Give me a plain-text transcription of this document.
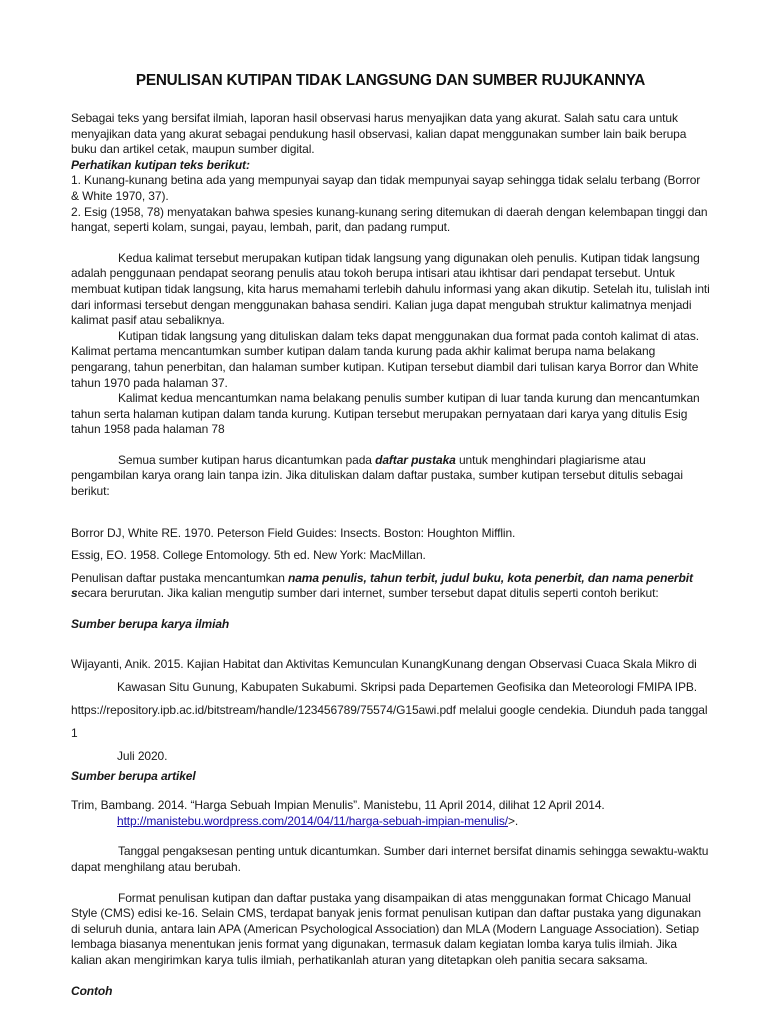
PENULISAN KUTIPAN TIDAK LANGSUNG DAN SUMBER RUJUKANNYA

Sebagai teks yang bersifat ilmiah, laporan hasil observasi harus menyajikan data yang akurat. Salah satu cara untuk menyajikan data yang akurat sebagai pendukung hasil observasi, kalian dapat menggunakan sumber lain baik berupa buku dan artikel cetak, maupun sumber digital.

Perhatikan kutipan teks berikut:

1. Kunang-kunang betina ada yang mempunyai sayap dan tidak mempunyai sayap sehingga tidak selalu terbang (Borror & White 1970, 37).

2. Esig (1958, 78) menyatakan bahwa spesies kunang-kunang sering ditemukan di daerah dengan kelembapan tinggi dan hangat, seperti kolam, sungai, payau, lembah, parit, dan padang rumput.

Kedua kalimat tersebut merupakan kutipan tidak langsung yang digunakan oleh penulis. Kutipan tidak langsung adalah penggunaan pendapat seorang penulis atau tokoh berupa intisari atau ikhtisar dari pendapat tersebut. Untuk membuat kutipan tidak langsung, kita harus memahami terlebih dahulu informasi yang akan dikutip. Setelah itu, tulislah inti dari informasi tersebut dengan menggunakan bahasa sendiri. Kalian juga dapat mengubah struktur kalimatnya menjadi kalimat pasif atau sebaliknya.

Kutipan tidak langsung yang dituliskan dalam teks dapat menggunakan dua format pada contoh kalimat di atas. Kalimat pertama mencantumkan sumber kutipan dalam tanda kurung pada akhir kalimat berupa nama belakang pengarang, tahun penerbitan, dan halaman sumber kutipan. Kutipan tersebut diambil dari tulisan karya Borror dan White tahun 1970 pada halaman 37.

Kalimat kedua mencantumkan nama belakang penulis sumber kutipan di luar tanda kurung dan mencantumkan tahun serta halaman kutipan dalam tanda kurung. Kutipan tersebut merupakan pernyataan dari karya yang ditulis Esig tahun 1958 pada halaman 78

Semua sumber kutipan harus dicantumkan pada daftar pustaka untuk menghindari plagiarisme atau pengambilan karya orang lain tanpa izin. Jika dituliskan dalam daftar pustaka, sumber kutipan tersebut ditulis sebagai berikut:

Borror DJ, White RE. 1970. Peterson Field Guides: Insects. Boston: Houghton Mifflin.

Essig, EO. 1958. College Entomology. 5th ed. New York: MacMillan.

Penulisan daftar pustaka mencantumkan nama penulis, tahun terbit, judul buku, kota penerbit, dan nama penerbit secara berurutan. Jika kalian mengutip sumber dari internet, sumber tersebut dapat ditulis seperti contoh berikut:

Sumber berupa karya ilmiah

Wijayanti, Anik. 2015. Kajian Habitat dan Aktivitas Kemunculan KunangKunang dengan Observasi Cuaca Skala Mikro di
Kawasan Situ Gunung, Kabupaten Sukabumi. Skripsi pada Departemen Geofisika dan Meteorologi FMIPA IPB.
https://repository.ipb.ac.id/bitstream/handle/123456789/75574/G15awi.pdf melalui google cendekia. Diunduh pada tanggal 1
Juli 2020.

Sumber berupa artikel

Trim, Bambang. 2014. “Harga Sebuah Impian Menulis”. Manistebu, 11 April 2014, dilihat 12 April 2014.
http://manistebu.wordpress.com/2014/04/11/harga-sebuah-impian-menulis/>.

Tanggal pengaksesan penting untuk dicantumkan. Sumber dari internet bersifat dinamis sehingga sewaktu-waktu dapat menghilang atau berubah.

Format penulisan kutipan dan daftar pustaka yang disampaikan di atas menggunakan format Chicago Manual Style (CMS) edisi ke-16. Selain CMS, terdapat banyak jenis format penulisan kutipan dan daftar pustaka yang digunakan di seluruh dunia, antara lain APA (American Psychological Association) dan MLA (Modern Language Association). Setiap lembaga biasanya menentukan jenis format yang digunakan, termasuk dalam kegiatan lomba karya tulis ilmiah. Jika kalian akan mengirimkan karya tulis ilmiah, perhatikanlah aturan yang ditetapkan oleh panitia secara saksama.

Contoh
